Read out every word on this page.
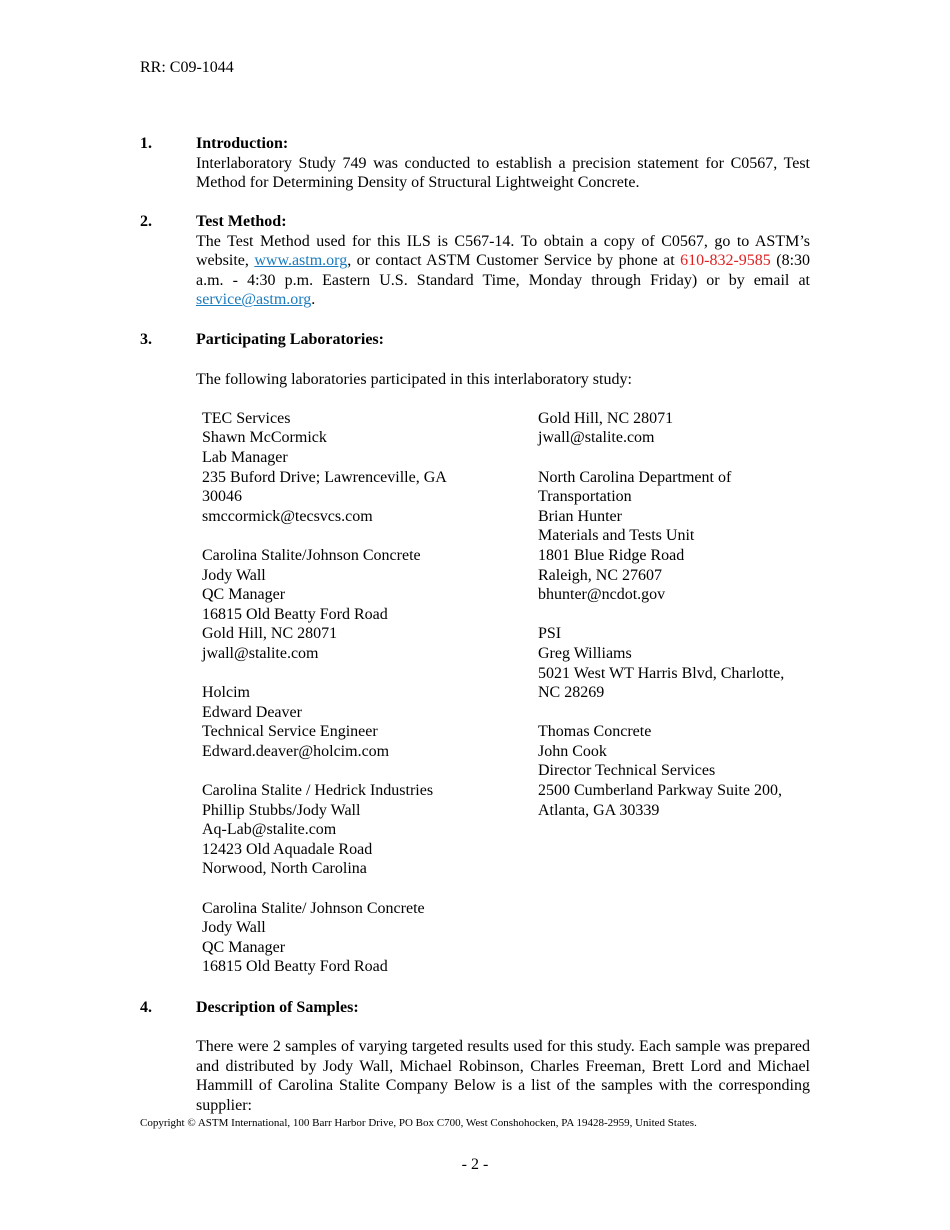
RR: C09-1044
1.	Introduction:

Interlaboratory Study 749 was conducted to establish a precision statement for C0567, Test Method for Determining Density of Structural Lightweight Concrete.

2.	Test Method:

The Test Method used for this ILS is C567-14. To obtain a copy of C0567, go to ASTM’s website, www.astm.org, or contact ASTM Customer Service by phone at 610-832-9585 (8:30 a.m. - 4:30 p.m. Eastern U.S. Standard Time, Monday through Friday) or by email at service@astm.org.

3.	Participating Laboratories:

The following laboratories participated in this interlaboratory study:

TEC Services
Shawn McCormick
Lab Manager
235 Buford Drive; Lawrenceville, GA
30046
smccormick@tecsvcs.com
Carolina Stalite/Johnson Concrete
Jody Wall
QC Manager
16815 Old Beatty Ford Road
Gold Hill, NC 28071
jwall@stalite.com
Holcim
Edward Deaver
Technical Service Engineer
Edward.deaver@holcim.com
Carolina Stalite / Hedrick Industries
Phillip Stubbs/Jody Wall
Aq-Lab@stalite.com
12423 Old Aquadale Road
Norwood, North Carolina
Carolina Stalite/ Johnson Concrete
Jody Wall
QC Manager
16815 Old Beatty Ford Road
Gold Hill, NC 28071
jwall@stalite.com
North Carolina Department of
Transportation
Brian Hunter
Materials and Tests Unit
1801 Blue Ridge Road
Raleigh, NC 27607
bhunter@ncdot.gov
PSI
Greg Williams
5021 West WT Harris Blvd, Charlotte,
NC 28269
Thomas Concrete
John Cook
Director Technical Services
2500 Cumberland Parkway Suite 200,
Atlanta, GA 30339
4.	Description of Samples:

There were 2 samples of varying targeted results used for this study. Each sample was prepared and distributed by Jody Wall, Michael Robinson, Charles Freeman, Brett Lord and Michael Hammill of Carolina Stalite Company Below is a list of the samples with the corresponding supplier:

Copyright © ASTM International, 100 Barr Harbor Drive, PO Box C700, West Conshohocken, PA 19428-2959, United States.
- 2 -
